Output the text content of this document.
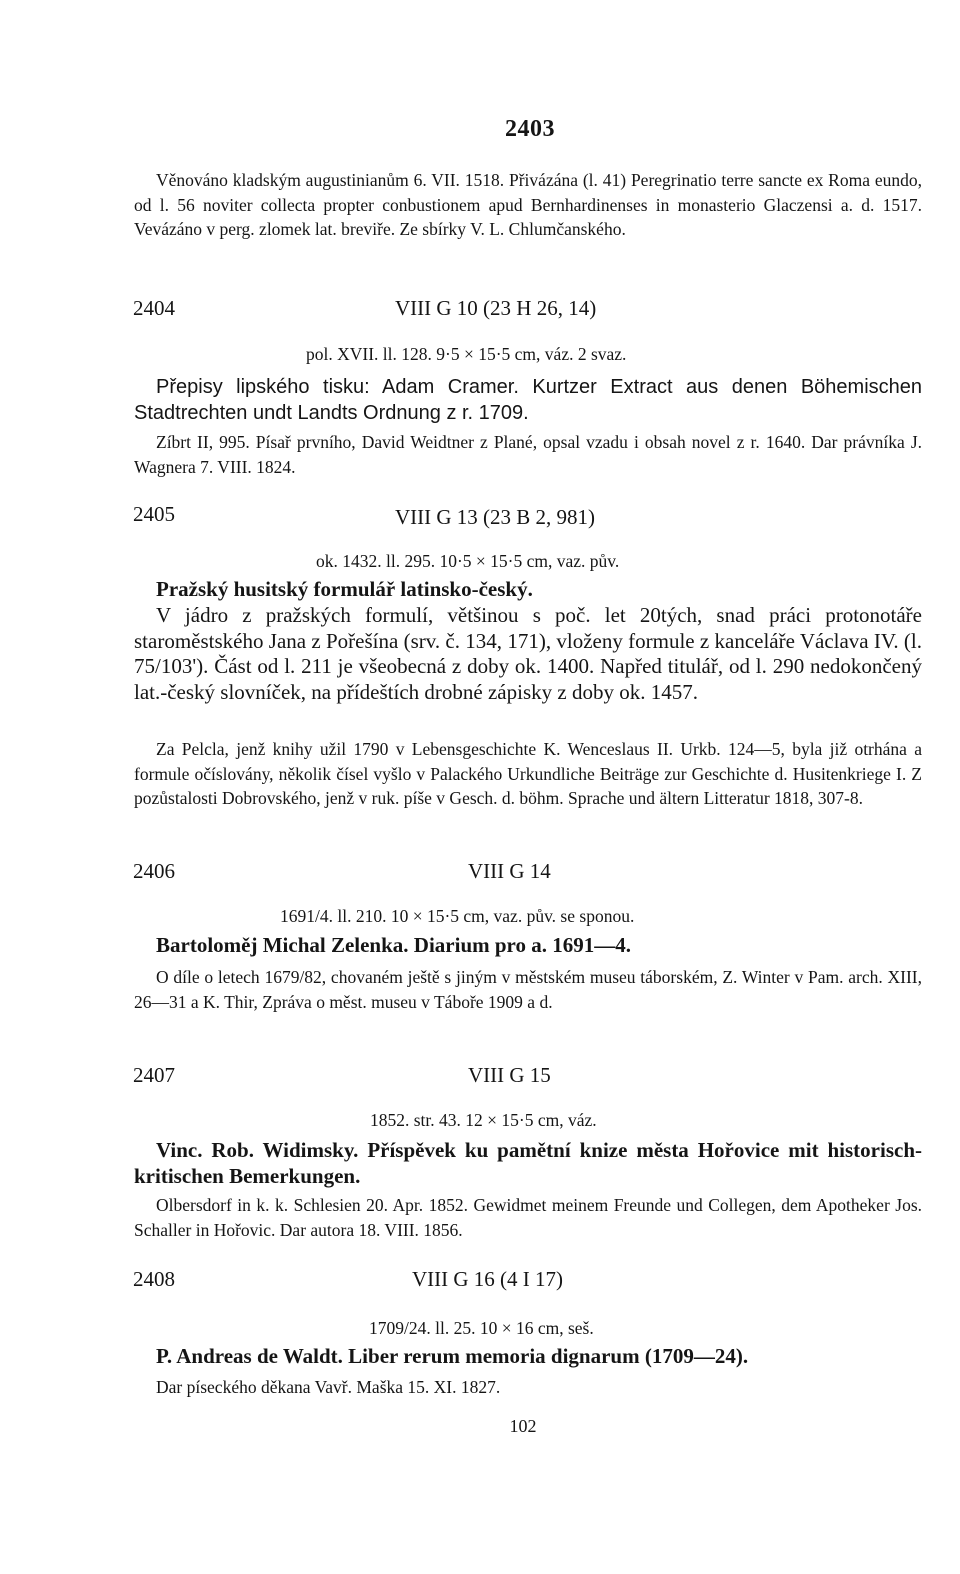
2403
Věnováno kladským augustinianům 6. VII. 1518. Přivázána (l. 41) Peregrinatio terre sancte ex Roma eundo, od l. 56 noviter collecta propter conbustionem apud Bernhardinenses in monasterio Glaczensi a. d. 1517. Vevázáno v perg. zlomek lat. breviře. Ze sbírky V. L. Chlumčanského.
2404	VIII G 10 (23 H 26, 14)
pol. XVII. ll. 128. 9·5 × 15·5 cm, váz. 2 svaz.
Přepisy lipského tisku: Adam Cramer. Kurtzer Extract aus denen Böhemischen Stadtrechten undt Landts Ordnung z r. 1709.
Zíbrt II, 995. Písař prvního, David Weidtner z Plané, opsal vzadu i obsah novel z r. 1640. Dar právníka J. Wagnera 7. VIII. 1824.
2405	VIII G 13 (23 B 2, 981)
ok. 1432. ll. 295. 10·5 × 15·5 cm, vaz. pův.
Pražský husitský formulář latinsko-český.
V jádro z pražských formulí, většinou s poč. let 20tých, snad práci protonotáře staroměstského Jana z Pořešína (srv. č. 134, 171), vloženy formule z kanceláře Václava IV. (l. 75/103'). Část od l. 211 je všeobecná z doby ok. 1400. Napřed titulář, od l. 290 nedokončený lat.-český slovníček, na přídeštích drobné zápisky z doby ok. 1457.
Za Pelcla, jenž knihy užil 1790 v Lebensgeschichte K. Wenceslaus II. Urkb. 124—5, byla již otrhána a formule očíslovány, několik čísel vyšlo v Palackého Urkundliche Beiträge zur Geschichte d. Husitenkriege I. Z pozůstalosti Dobrovského, jenž v ruk. píše v Gesch. d. böhm. Sprache und ältern Litteratur 1818, 307-8.
2406	VIII G 14
1691/4. ll. 210. 10 × 15·5 cm, vaz. pův. se sponou.
Bartoloměj Michal Zelenka. Diarium pro a. 1691—4.
O díle o letech 1679/82, chovaném ještě s jiným v městském museu táborském, Z. Winter v Pam. arch. XIII, 26—31 a K. Thir, Zpráva o měst. museu v Táboře 1909 a d.
2407	VIII G 15
1852. str. 43. 12 × 15·5 cm, váz.
Vinc. Rob. Widimsky. Příspěvek ku pamětní knize města Hořovice mit historisch-kritischen Bemerkungen.
Olbersdorf in k. k. Schlesien 20. Apr. 1852. Gewidmet meinem Freunde und Collegen, dem Apotheker Jos. Schaller in Hořovic. Dar autora 18. VIII. 1856.
2408	VIII G 16 (4 I 17)
1709/24. ll. 25. 10 × 16 cm, seš.
P. Andreas de Waldt. Liber rerum memoria dignarum (1709—24).
Dar píseckého děkana Vavř. Maška 15. XI. 1827.
102
